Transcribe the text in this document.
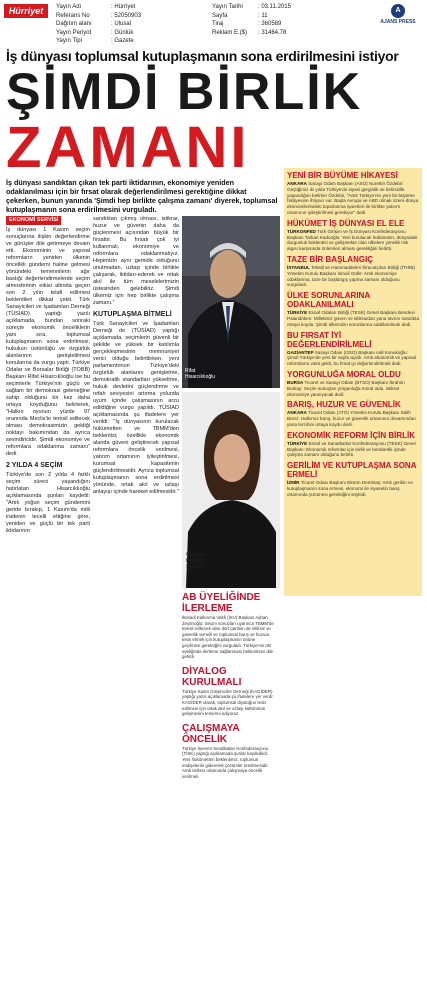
Hürriyet	Yayın Adı	: Hürriyet
Referans No	: 52050903
Dağıtım alanı	: Ulusal
Yayın Periyot	: Günlük
Yayın Tipi	: Gazete
Yayın Tarihi	: 03.11.2015
Sayfa	: 11
Tiraj	: 360589
Reklam E.($) : 31464,78
A
AJANS PRESS
İş dünyası toplumsal kutuplaşmanın sona erdirilmesini istiyor
ŞİMDİ BİRLİK
ZAMANI
İş dünyası sandıktan çıkan tek parti iktidarının, ekonomiye yeniden odaklanılması için bir fırsat olarak değerlendirilmesi gerektiğine dikkat çekerken, bunun yanında 'Şimdi hep birlikte çalışma zamanı' diyerek, toplumsal kutuplaşmanın sona erdirilmesini vurguladı.
EKONOMİ SERVİSİ
İş dünyası 1 Kasım seçim sonuçlarına ilişkin değerlendirme ve görüşler dile getirmeye devam etti. Ekonominin ve yapısal reformların yeniden ülkenin öncelikli gündemi haline gelmesi yönündeki temennilerin ağır bastığı değerlendirmelerde seçim atmosferinin etkisi altında geçen son 2 yılın telafi edilmesi beklentileri dikkat çekti. Türk Sanayicileri ve İşadamları Derneği (TÜSİAD) yaptığı yazılı açıklamada, bundan sonraki süreçte ekonomik önceliklerin yanı sıra, toplumsal kutuplaşmanın sona erdirilmesi, hukukun üstünlüğü ve özgürlük alanlarının genişletilmesi konularına da vurgu yaptı. Türkiye Odalar ve Borsalar Birliği (TOBB) Başkanı Rifat Hisarcıklıoğlu ise bu seçimlerle Türkiye'nin güçlü ve sağlam bir demokrasi geleneğine sahip olduğunu bir kez daha ortaya koyduğunu belirterek, "Halkın oyunun yüzde 97 oranında Meclis'te temsil edilecek olması demokrasimizin geldiği noktayı bakımından da ayrıca sevindiricidir. Şimdi ekonomiye ve reformlara odaklanma zamanı" dedi.
2 YILDA 4 SEÇİM
Türkiye'de son 2 yılda 4 farklı seçim süreci yaşandığını hatırlatan Hisarcıklıoğlu açıklamasında şunları kaydetti: "Artık yoğun seçim gündemini geride bırakıp, 1 Kasım'da milli iradenin tecelli ettiğine göre, yeniden ve güçlü bir tek parti iktidarının
sandıktan çıkmış olması, istikrar, huzur ve güvenin daha da güçlenmesi açısından büyük bir fırsattır. Bu fırsatı çok iyi kullanmalı, ekonomiye ve reformlara odaklanmalıyız. Hepimizin aynı gemide olduğunu unutmadan, uzlaşı içinde birlikte çalışarak, iktidarı-ederek ve ortak akıl ile tüm meselelerimizin üstesinden gelebiliriz. Şimdi ülkemiz için hep birlikte çalışma zamanı."
KUTUPLAŞMA BİTMELİ
Türk Sanayicileri ve İşadamları Derneği de (TÜSİAD) yaptığı açıklamada, seçimlerin güvenli bir şekilde ve yüksek bir katılımla gerçekleşmesinin memnuniyet verici olduğu belirtilirken, yeni parlamentonun Türkiye'deki özgürlük alanlarını genişletme, demokratik standartları yükseltme, hukuk devletini güçlendirme ve refah seviyesini artırma yolunda uyum içinde çalışmasının arzu edildiğine vurgu yapıldı. TÜSİAD açıklamasında şu ifadelere yer verildi: "İş dünyasının kurulacak hükümetten ve TBMM'den beklentisi; özellikle ekonomik alanda güveni geliştirecek yapısal reformlara öncelik verilmesi, yatırım ortamının iyileştirilmesi, kurumsal kapasitenin güçlendirilmesidir. Ayrıca toplumsal kutuplaşmanın sona erdirilmesi yönünde, ortak akıl ve uzlaşı anlayışı içinde hareket edilmesidir."
Rifat Hisarcıklıoğlu
Cansen Başaran Symes
YENİ BİR BÜYÜME HİKAYESİ
ANKARA Sanayi Odası Başkanı (ASO) Nurettin Özdebir: Geçtiğimiz iki yılda Türkiye'de siyasi gerginlik ve belirsizlik yaşandığını belirten Özdebir, "Artık Türkiye'nin yeni bir büyüme hikâyesine ihtiyacı var. Başta Avrupa ve ABD olmak üzere dünya ekonomilerindeki toparlanma işaretleri ile birlikte yatırım ortamının iyileştirilmesi gerekiyor" dedi.
HÜKÜMET İŞ DÜNYASI EL ELE
TÜRKONFED Türk Girişim ve İş Dünyası Konfederasyonu Başkanı Tarkan Kadooğlu: Yeni kurulacak hükümetin, dünyadaki durgunluk beklentisi ve gelişmekte olan ülkelere yönelik risk algısı karşısında önlemleri alması gerektiğini belirtti.
TAZE BİR BAŞLANGIÇ
İSTANBUL Tekstil ve Hammaddeleri İhracatçıları Birliği (İTHİB) Yönetim Kurulu Başkanı İsmail Gülle: Artık ekonomiye odaklanma, taze bir başlangıç yapma zamanı olduğunu vurguladı.
ÜLKE SORUNLARINA ODAKLANILMALI
TÜRKİYE Esnaf Odaları Birliği (TESK) Genel Başkanı Bendevi Palandöken: Milletimiz güven ve istikrardan yana tavrını sandıkta ortaya koydu. Şimdi ülkemizin sorunlarına odaklanılmalı dedi.
BU FIRSAT İYİ DEĞERLENDİRİLMELİ
GAZİANTEP Sanayi Odası (GSO) Başkanı Adil Konukoğlu: Şimdi Türkiye'de yeni bir sayfa açıldı. Artık ekonomik ve yapısal reformların vakti geldi, bu fırsat iyi değerlendirilmeli dedi.
YORGUNLUĞA MORAL OLDU
BURSA Ticaret ve Sanayi Odası (BTSO) Başkanı İbrahim Burkay: Seçim sonuçları yorgunluğa moral oldu, istikrar ekonomiye yansıyacak dedi.
BARIŞ, HUZUR VE GÜVENLİK
ANKARA Ticaret Odası (ATO) Yönetim Kurulu Başkanı Salih Bezci: Halkımız barış, huzur ve güvenlik ortamının devamından yana tercihini ortaya koydu dedi.
EKONOMİK REFORM İÇİN BİRLİK
TÜRKİYE Esnaf ve Sanatkarlar Konfederasyonu (TESK) Genel Başkanı: Ekonomik reformlar için birlik ve beraberlik içinde çalışma zamanı olduğunu belirtti.
GERİLİM VE KUTUPLAŞMA SONA ERMELİ
İZMİR Ticaret Odası Başkanı Ekrem Demirtaş: Artık gerilim ve kutuplaşmanın sona ermesi, ekonomi ile siyasetin barış ortamında yürümesi gerektiğini söyledi.
AB ÜYELİĞİNDE İLERLEME
İktisadi Kalkınma Vakfı (İKV) Başkanı Ayhan Zeytinoğlu: Seçim sonuçları uyarınca TBMM'de temsil edilecek olan dört partinin de istikrar ve güvenlik temelli ve toplumsal barış ve huzuru tesis etmek için kutuplaşmanın önüne geçilmesi gerektiğini vurguladı. Türkiye'nin AB üyeliğinde ilerleme sağlanması beklentisini dile getirdi.
DİYALOG KURULMALI
Türkiye Kadın Girişimciler Derneği (KAGİDER) yaptığı yazılı açıklamada şu ifadelere yer verdi: KAGİDER olarak, toplumsal diyaloğun tesis edilmesi için ortak akıl ve uzlaşı kültürünün gelişmesini temenni ediyoruz.
ÇALIŞMAYA ÖNCELİK
Türkiye İşveren Sendikaları Konfederasyonu (TİSK) yaptığı açıklamada şunlar kaydedildi: Yeni hükümetten beklentimiz, toplumun endişelerini gidererek çözümler üretilmesidir. Artık istikrar ortamında çalışmaya öncelik verilmeli.
